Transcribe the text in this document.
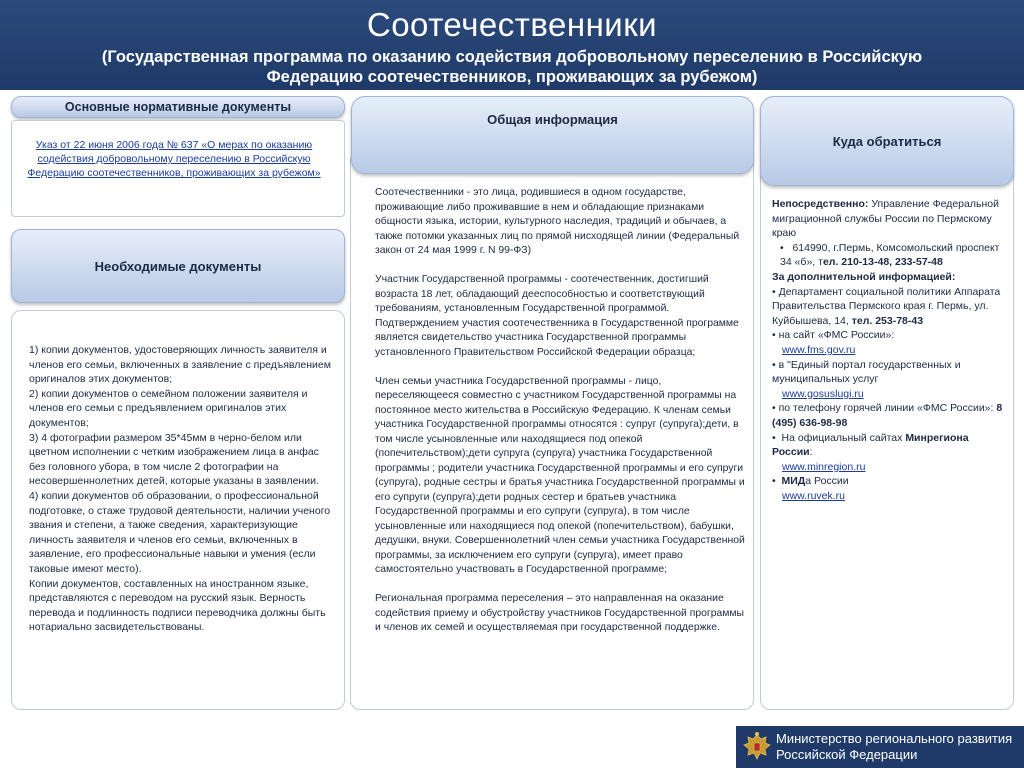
Соотечественники
(Государственная программа по оказанию содействия добровольному переселению в Российскую Федерацию соотечественников, проживающих за рубежом)
Основные нормативные документы
Указ от 22 июня 2006 года № 637 «О мерах по оказанию содействия добровольному переселению в Российскую Федерацию соотечественников, проживающих за рубежом»
Необходимые документы
1) копии документов, удостоверяющих личность заявителя и членов его семьи, включенных в заявление с предъявлением оригиналов этих документов;
2) копии документов о семейном положении заявителя и членов его семьи с предъявлением оригиналов этих документов;
3) 4 фотографии размером 35*45мм в черно-белом или цветном исполнении с четким изображением лица в анфас без головного убора, в том числе 2 фотографии на несовершеннолетних детей, которые указаны в заявлении.
4) копии документов об образовании, о профессиональной подготовке, о стаже трудовой деятельности, наличии ученого звания и степени, а также сведения, характеризующие личность заявителя и членов его семьи, включенных в заявление, его профессиональные навыки и умения (если таковые имеют место).
Копии документов, составленных на иностранном языке, представляются с переводом на русский язык. Верность перевода и подлинность подписи переводчика должны быть нотариально засвидетельствованы.
Общая информация
Соотечественники - это лица, родившиеся в одном государстве, проживающие либо проживавшие в нем и обладающие признаками общности языка, истории, культурного наследия, традиций и обычаев, а также потомки указанных лиц по прямой нисходящей линии (Федеральный закон от 24 мая 1999 г. N 99-ФЗ)

Участник Государственной программы - соотечественник, достигший возраста 18 лет, обладающий дееспособностью и соответствующий требованиям, установленным Государственной программой. Подтверждением участия соотечественника в Государственной программе является свидетельство участника Государственной программы установленного Правительством Российской Федерации образца;

Член семьи участника Государственной программы - лицо, переселяющееся совместно с участником Государственной программы на постоянное место жительства в Российскую Федерацию. К членам семьи участника Государственной программы относятся : супруг (супруга);дети, в том числе усыновленные или находящиеся под опекой (попечительством);дети супруга (супруга) участника Государственной программы ; родители участника Государственной программы и его супруги (супруга), родные сестры и братья участника Государственной программы и его супруги (супруга);дети родных сестер и братьев участника Государственной программы и его супруги (супруга), в том числе усыновленные или находящиеся под опекой (попечительством), бабушки, дедушки, внуки. Совершеннолетний член семьи участника Государственной программы, за исключением его супруги (супруга), имеет право самостоятельно участвовать в Государственной программе;

Региональная программа переселения – это направленная на оказание содействия приему и обустройству участников Государственной программы и членов их семей и осуществляемая при государственной поддержке.
Куда обратиться
Непосредственно: Управление Федеральной миграционной службы России по Пермскому краю
•   614990, г.Пермь, Комсомольский проспект 34 «б», тел. 210-13-48, 233-57-48
За дополнительной информацией:
• Департамент социальной политики Аппарата Правительства Пермского края г. Пермь, ул. Куйбышева, 14, тел. 253-78-43
• на сайт «ФМС России»:
www.fms.gov.ru
• в "Единый портал государственных и муниципальных услуг
www.gosuslugi.ru
• по телефону горячей линии «ФМС России»: 8 (495) 636-98-98
•  На официальный сайтах Минрегиона России:
www.minregion.ru
•  МИДа России
www.ruvek.ru
Министерство регионального развития
Российской Федерации
